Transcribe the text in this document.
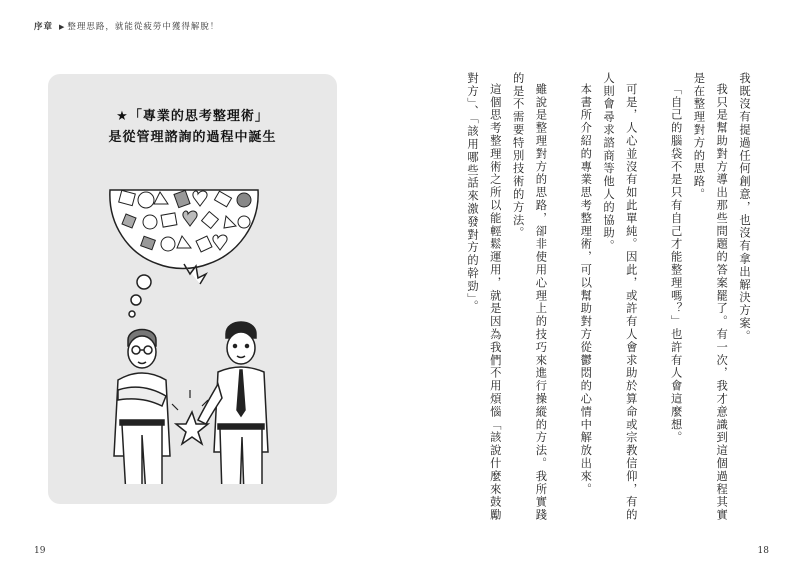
序章 ▶ 整理思路，就能從疲勞中獲得解脫！
★「專業的思考整理術」
是從管理諮詢的過程中誕生
19

我既沒有提過任何創意，也沒有拿出解決方案。

我只是幫助對方導出那些問題的答案罷了。有一次，我才意識到這個過程其實是在整理對方的思路。

「自己的腦袋不是只有自己才能整理嗎？」也許有人會這麼想。

可是，人心並沒有如此單純。因此，或許有人會求助於算命或宗教信仰，有的人則會尋求諮商等他人的協助。

本書所介紹的專業思考整理術，可以幫助對方從鬱悶的心情中解放出來。

雖說是整理對方的思路，卻非使用心理上的技巧來進行操縱的方法。我所實踐的是不需要特別技術的方法。

這個思考整理術之所以能輕鬆運用，就是因為我們不用煩惱「該說什麼來鼓勵對方」、「該用哪些話來激發對方的幹勁」。

18
